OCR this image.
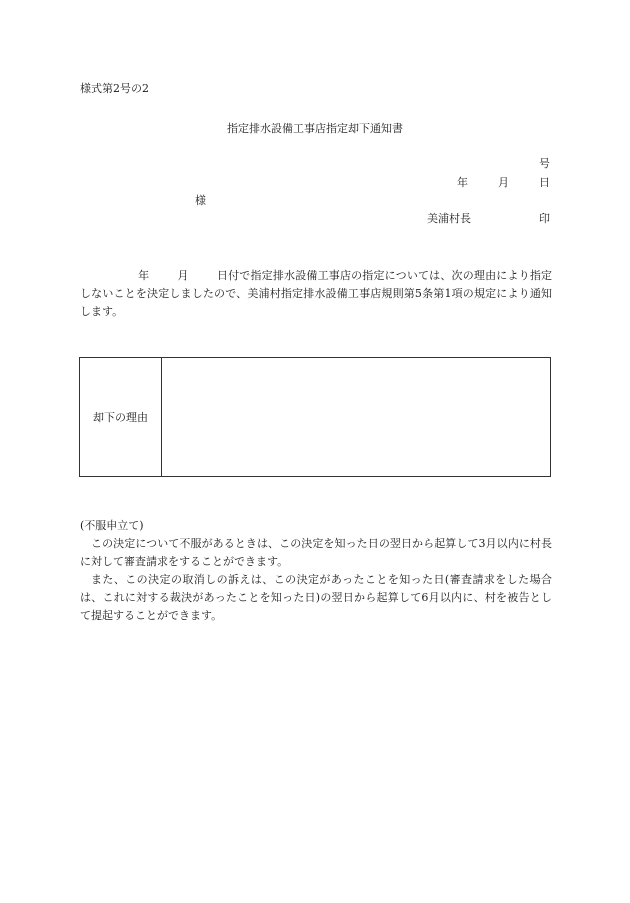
様式第2号の2
指定排水設備工事店指定却下通知書
号
年	月	日
様
美浦村長	印
年	月	日付で指定排水設備工事店の指定については、次の理由により指定しないことを決定しましたので、美浦村指定排水設備工事店規則第5条第1項の規定により通知します。
却下の理由

(不服申立て)

この決定について不服があるときは、この決定を知った日の翌日から起算して3月以内に村長に対して審査請求をすることができます。

また、この決定の取消しの訴えは、この決定があったことを知った日(審査請求をした場合は、これに対する裁決があったことを知った日)の翌日から起算して6月以内に、村を被告として提起することができます。
